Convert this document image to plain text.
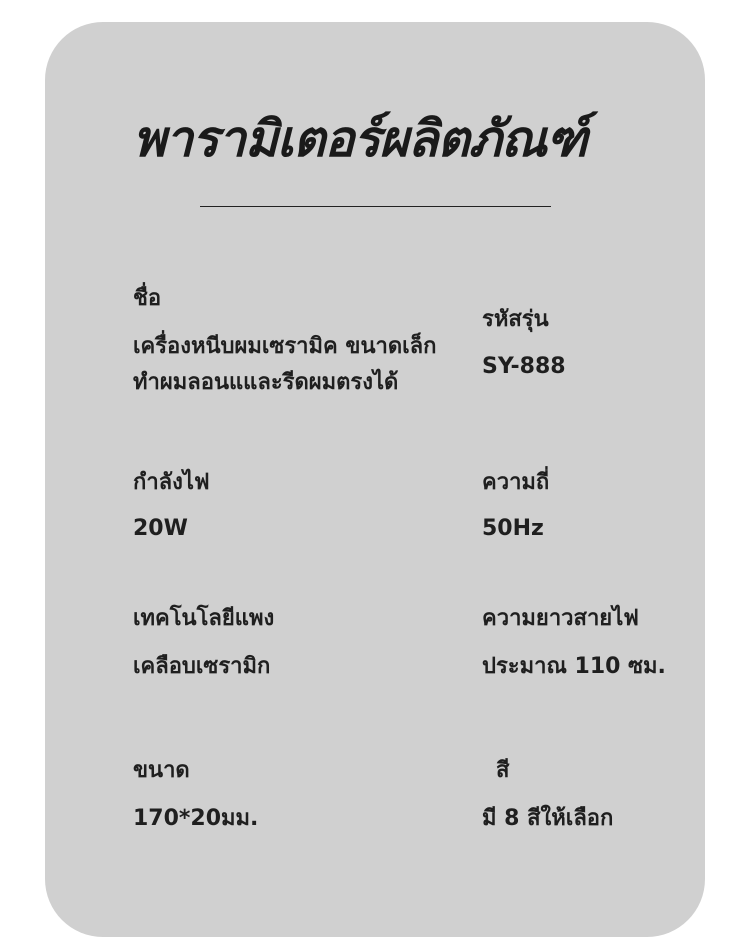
พารามิเตอร์ผลิตภัณฑ์
ชื่อ
เครื่องหนีบผมเซรามิค ขนาดเล็ก
ทำผมลอนแและรีดผมตรงได้
รหัสรุ่น
SY-888
กำลังไฟ
20W
ความถี่
50Hz
เทคโนโลยีแพง
เคลือบเซรามิก
ความยาวสายไฟ
ประมาณ 110 ซม.
ขนาด
170*20มม.
สี
มี 8 สีให้เลือก
